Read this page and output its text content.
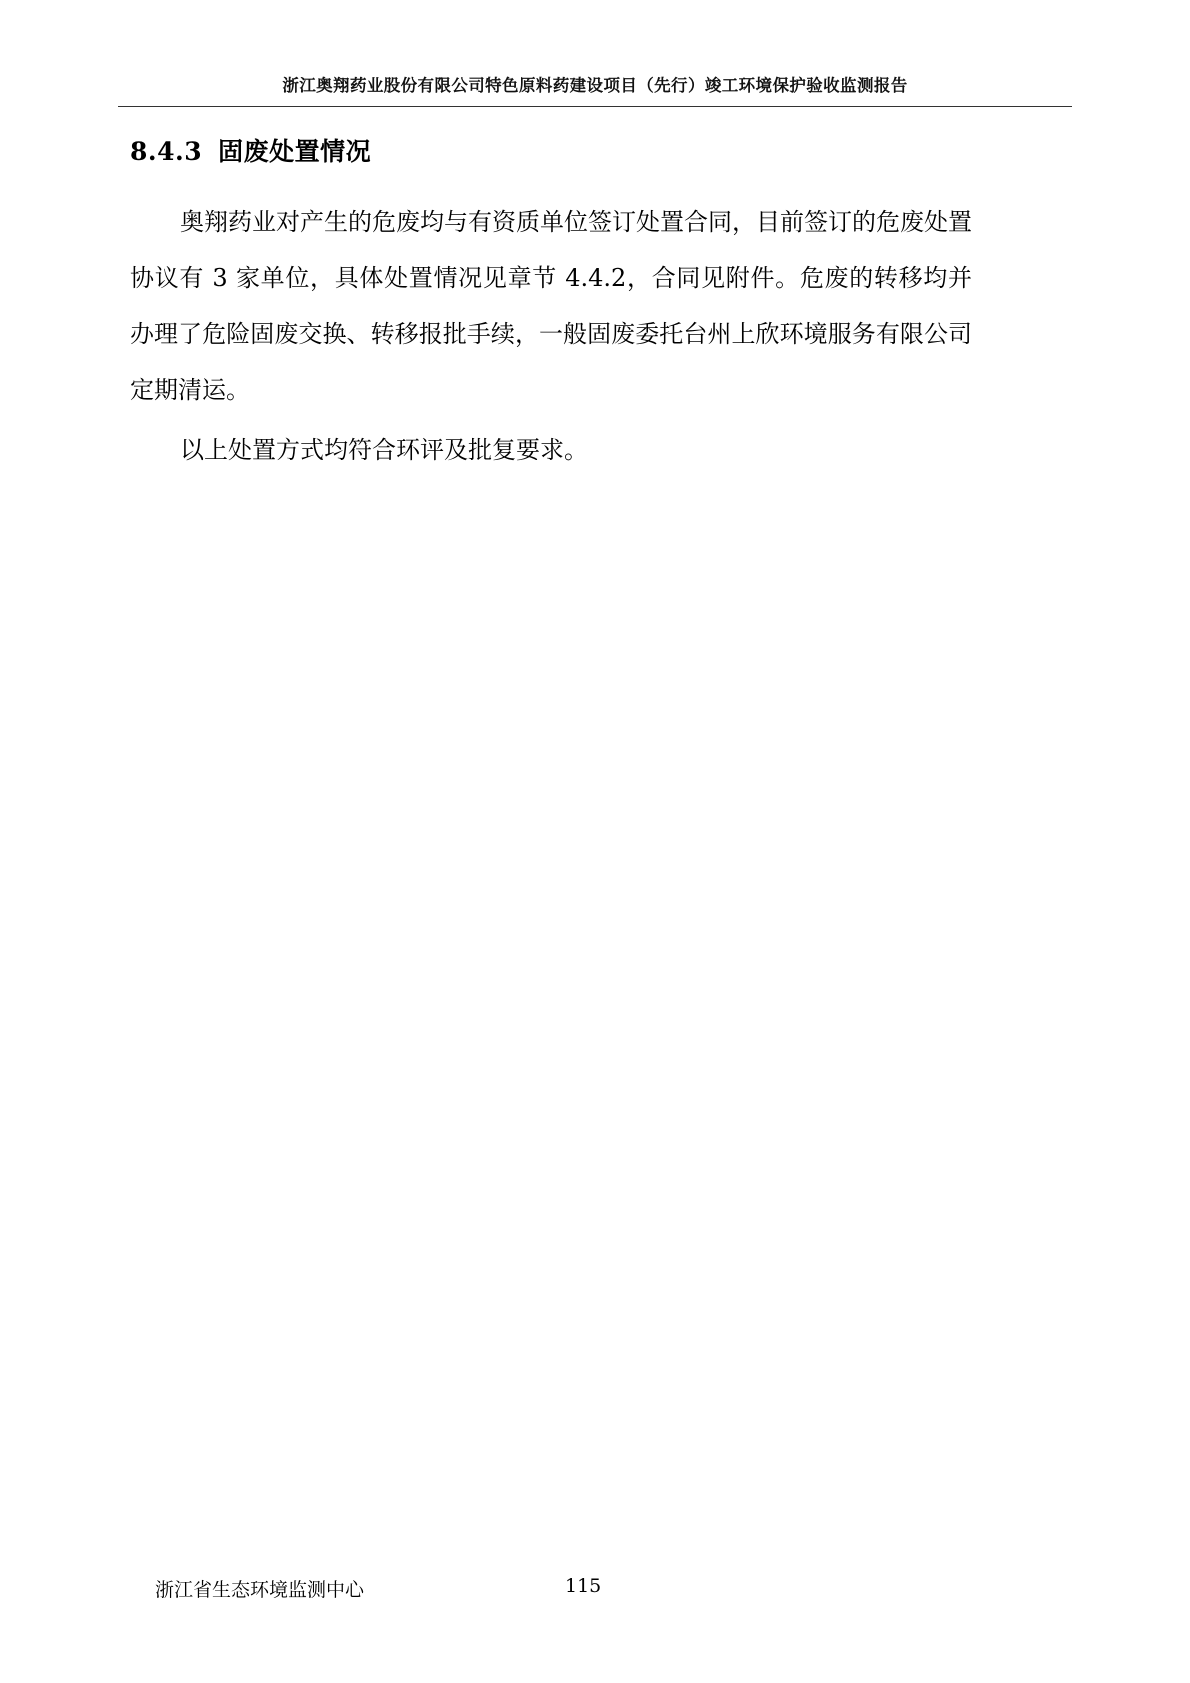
浙江奥翔药业股份有限公司特色原料药建设项目（先行）竣工环境保护验收监测报告
8.4.3 固废处置情况

奥翔药业对产生的危废均与有资质单位签订处置合同，目前签订的危废处置协议有 3 家单位，具体处置情况见章节 4.4.2，合同见附件。危废的转移均并办理了危险固废交换、转移报批手续，一般固废委托台州上欣环境服务有限公司定期清运。

以上处置方式均符合环评及批复要求。

浙江省生态环境监测中心	115
